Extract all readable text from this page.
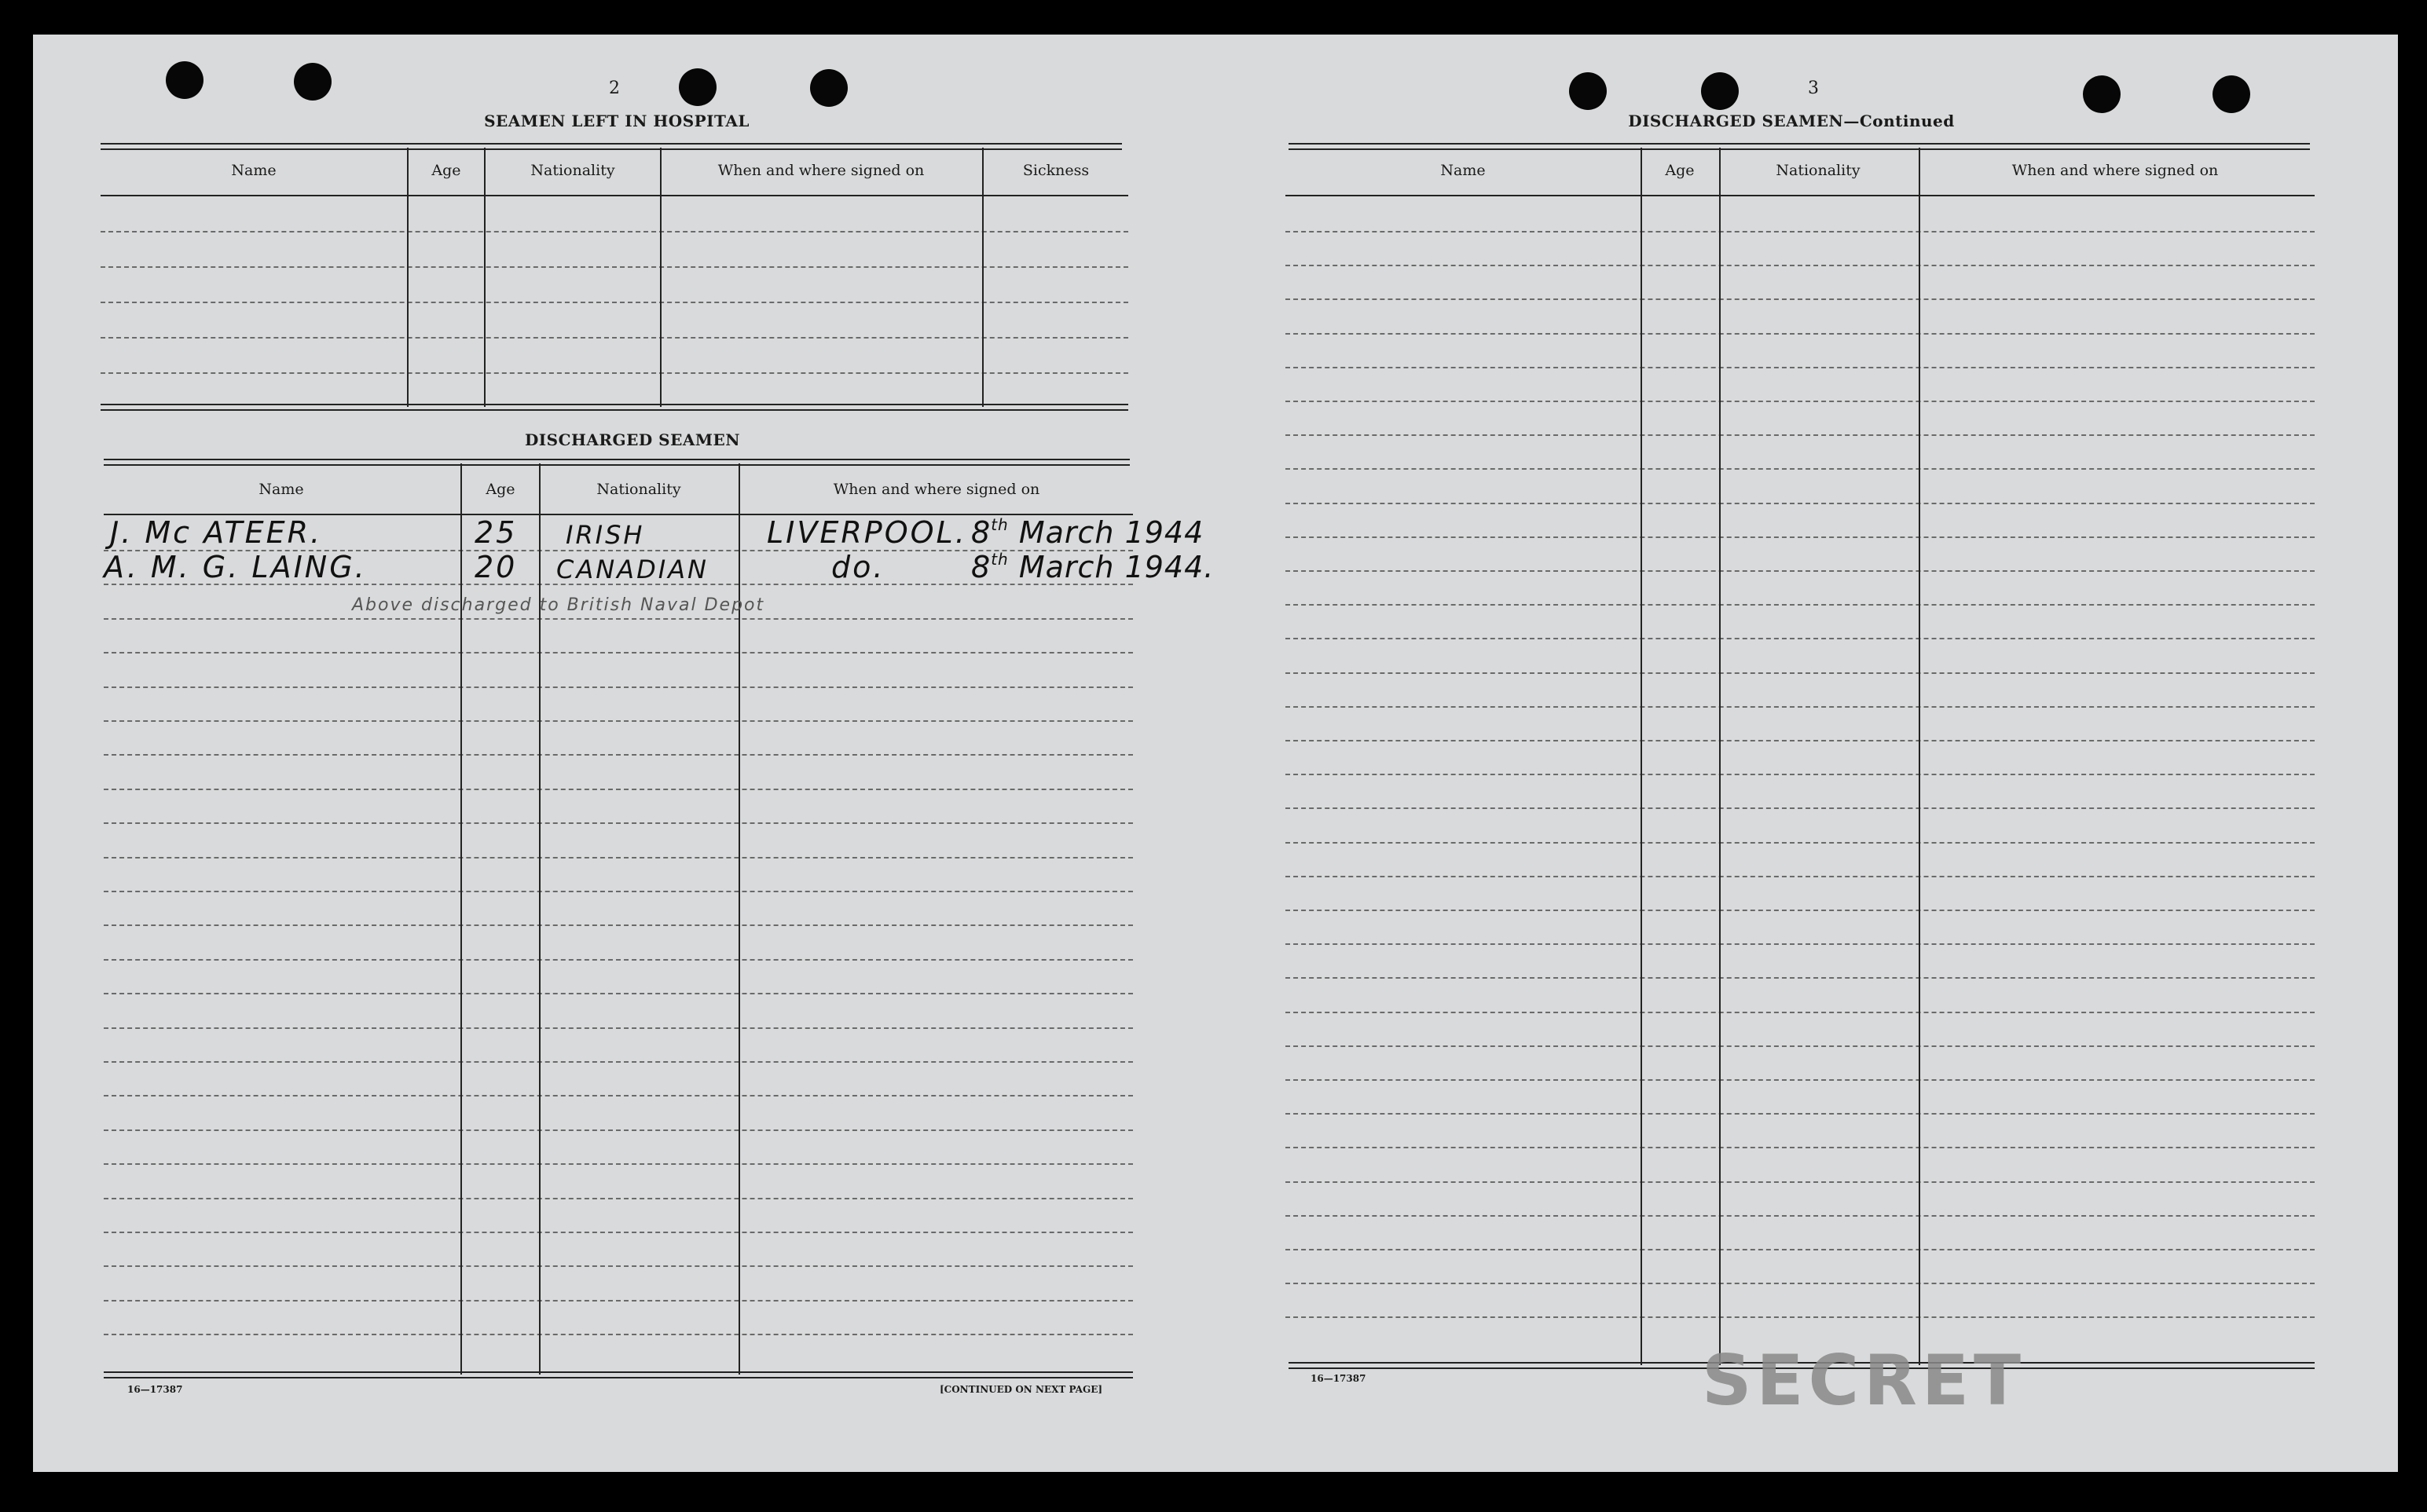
2
SEAMEN LEFT IN HOSPITAL
Name	Age	Nationality	When and where signed on	Sickness
DISCHARGED SEAMEN
Name	Age	Nationality	When and where signed on
J. Mc ATEER.	25 IRISH	LIVERPOOL. 8th March 1944
A. M. G. LAING.	20 CANADIAN	do.	8th March 1944.
Above discharged to British Naval Depot
16—17387	[CONTINUED ON NEXT PAGE]
3
DISCHARGED SEAMEN—Continued
Name	Age	Nationality	When and where signed on
16—17387	SECRET
